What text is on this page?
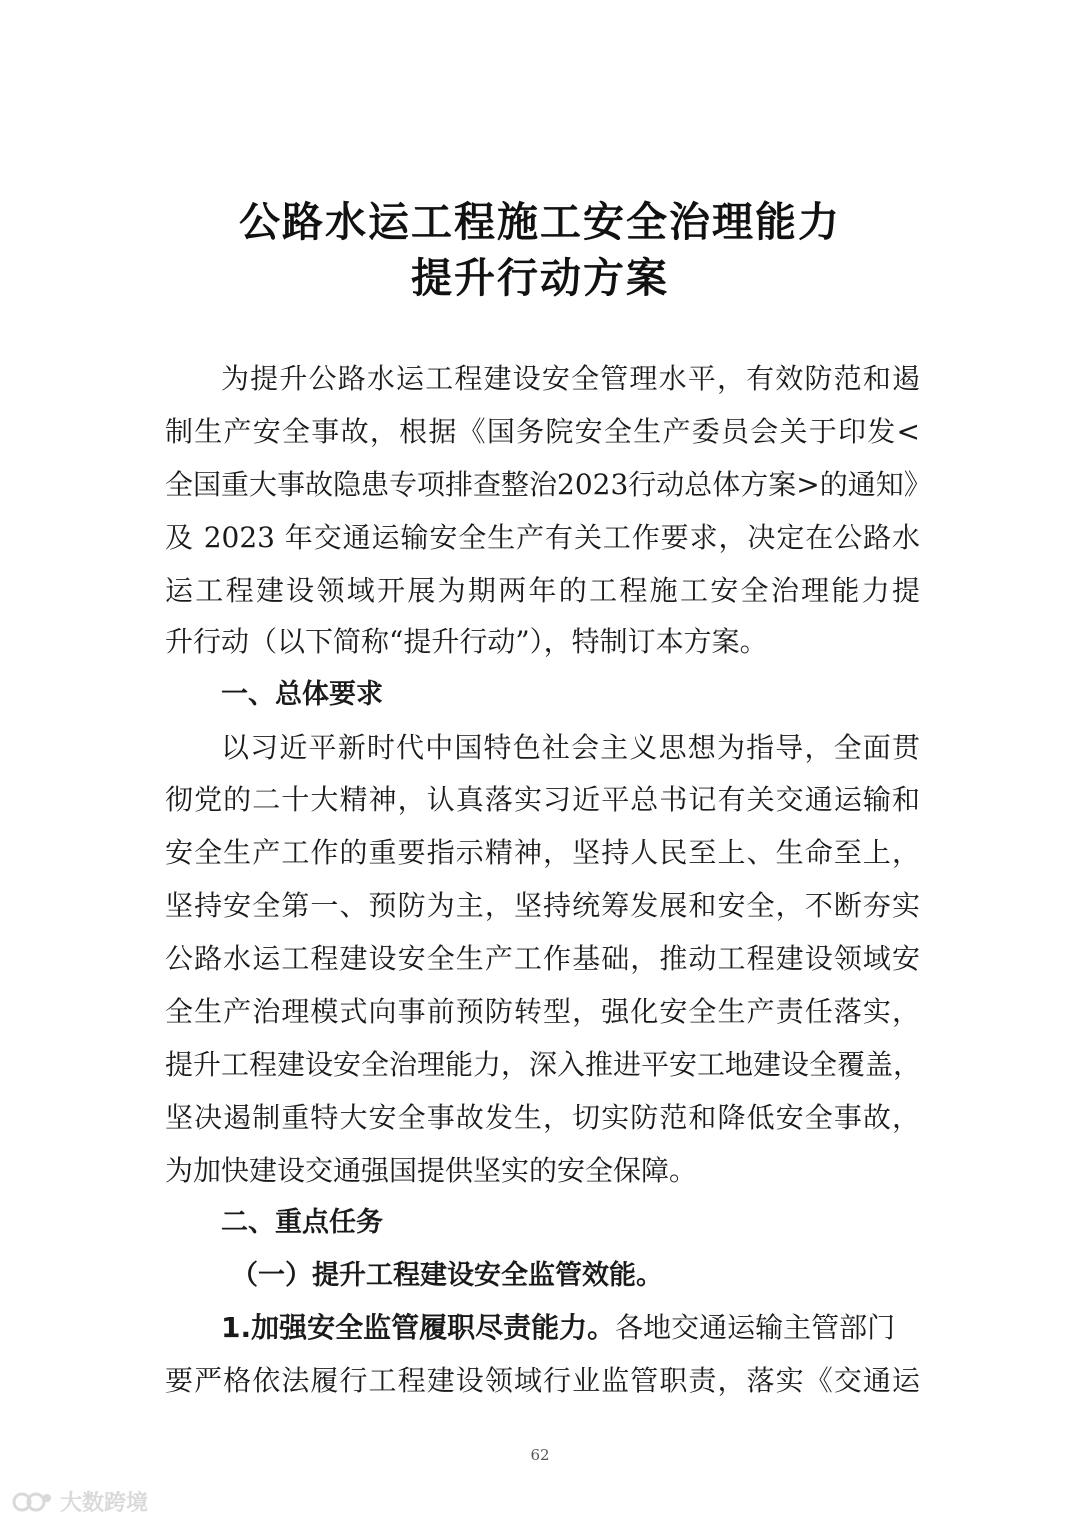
公路水运工程施工安全治理能力
提升行动方案
为提升公路水运工程建设安全管理水平，有效防范和遏
制生产安全事故，根据《国务院安全生产委员会关于印发<
全国重大事故隐患专项排查整治2023行动总体方案>的通知》
及 2023 年交通运输安全生产有关工作要求，决定在公路水
运工程建设领域开展为期两年的工程施工安全治理能力提
升行动（以下简称“提升行动”），特制订本方案。
一、总体要求
以习近平新时代中国特色社会主义思想为指导，全面贯
彻党的二十大精神，认真落实习近平总书记有关交通运输和
安全生产工作的重要指示精神，坚持人民至上、生命至上，
坚持安全第一、预防为主，坚持统筹发展和安全，不断夯实
公路水运工程建设安全生产工作基础，推动工程建设领域安
全生产治理模式向事前预防转型，强化安全生产责任落实，
提升工程建设安全治理能力，深入推进平安工地建设全覆盖，
坚决遏制重特大安全事故发生，切实防范和降低安全事故，
为加快建设交通强国提供坚实的安全保障。
二、重点任务
（一）提升工程建设安全监管效能。
1.加强安全监管履职尽责能力。各地交通运输主管部门
要严格依法履行工程建设领域行业监管职责，落实《交通运
62
大数跨境
